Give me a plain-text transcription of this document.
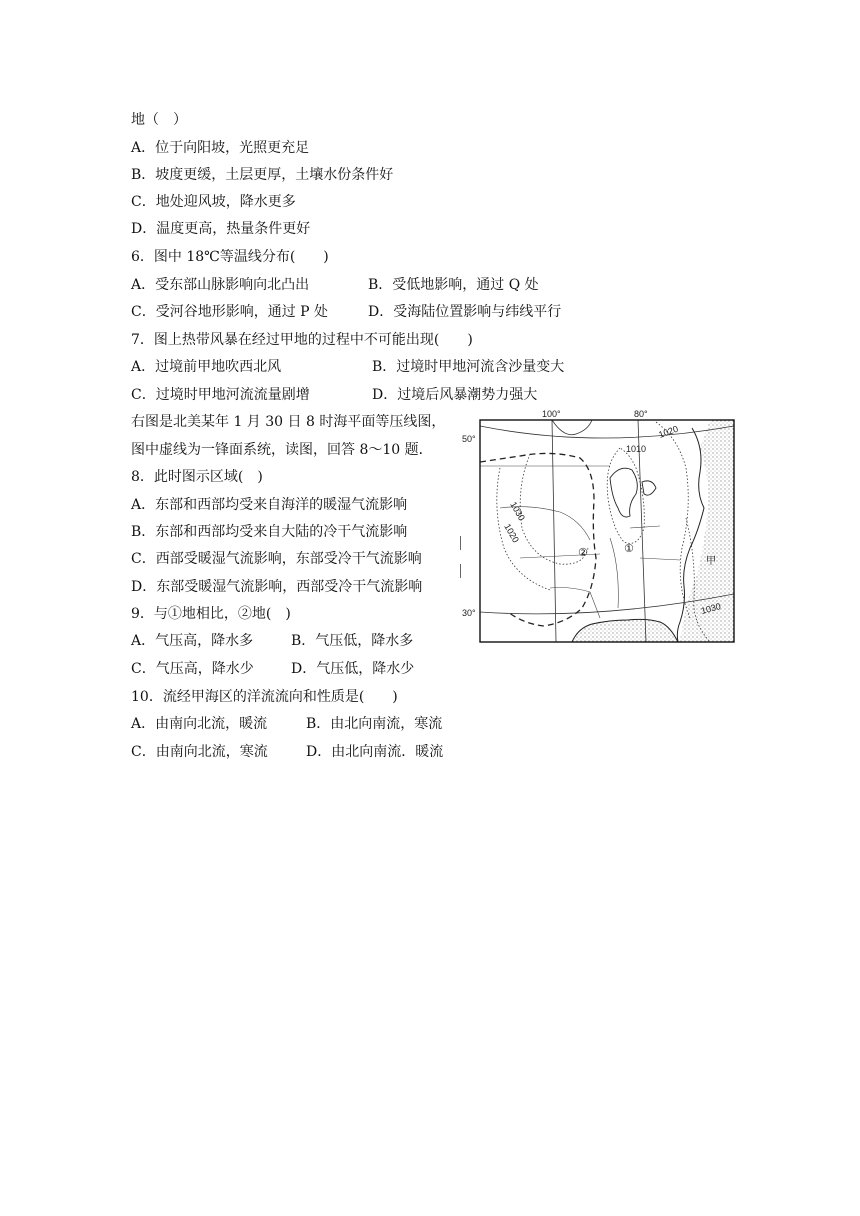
地（　）
A．位于向阳坡，光照更充足
B．坡度更缓，土层更厚，土壤水份条件好
C．地处迎风坡，降水更多
D．温度更高，热量条件更好
6．图中 18℃等温线分布(　　)
A．受东部山脉影响向北凸出	B．受低地影响，通过 Q 处
C．受河谷地形影响，通过 P 处	D．受海陆位置影响与纬线平行
7．图上热带风暴在经过甲地的过程中不可能出现(　　)
A．过境前甲地吹西北风	B．过境时甲地河流含沙量变大
C．过境时甲地河流流量剧增	D．过境后风暴潮势力强大
右图是北美某年 1 月 30 日 8 时海平面等压线图，
图中虚线为一锋面系统，读图，回答 8～10 题．
8．此时图示区域(　)
A．东部和西部均受来自海洋的暖湿气流影响
B．东部和西部均受来自大陆的冷干气流影响
C．西部受暖湿气流影响，东部受冷干气流影响
D．东部受暖湿气流影响，西部受冷干气流影响
9．与①地相比，②地(　)
A．气压高，降水多	B．气压低，降水多
C．气压高，降水少	D．气压低，降水少
10．流经甲海区的洋流流向和性质是(　　)
A．由南向北流，暖流	B．由北向南流，寒流
C．由南向北流，寒流	D．由北向南流．暖流
100°	80°
50°
30°
1020
1010
1030
1020
1030
②	①
甲
